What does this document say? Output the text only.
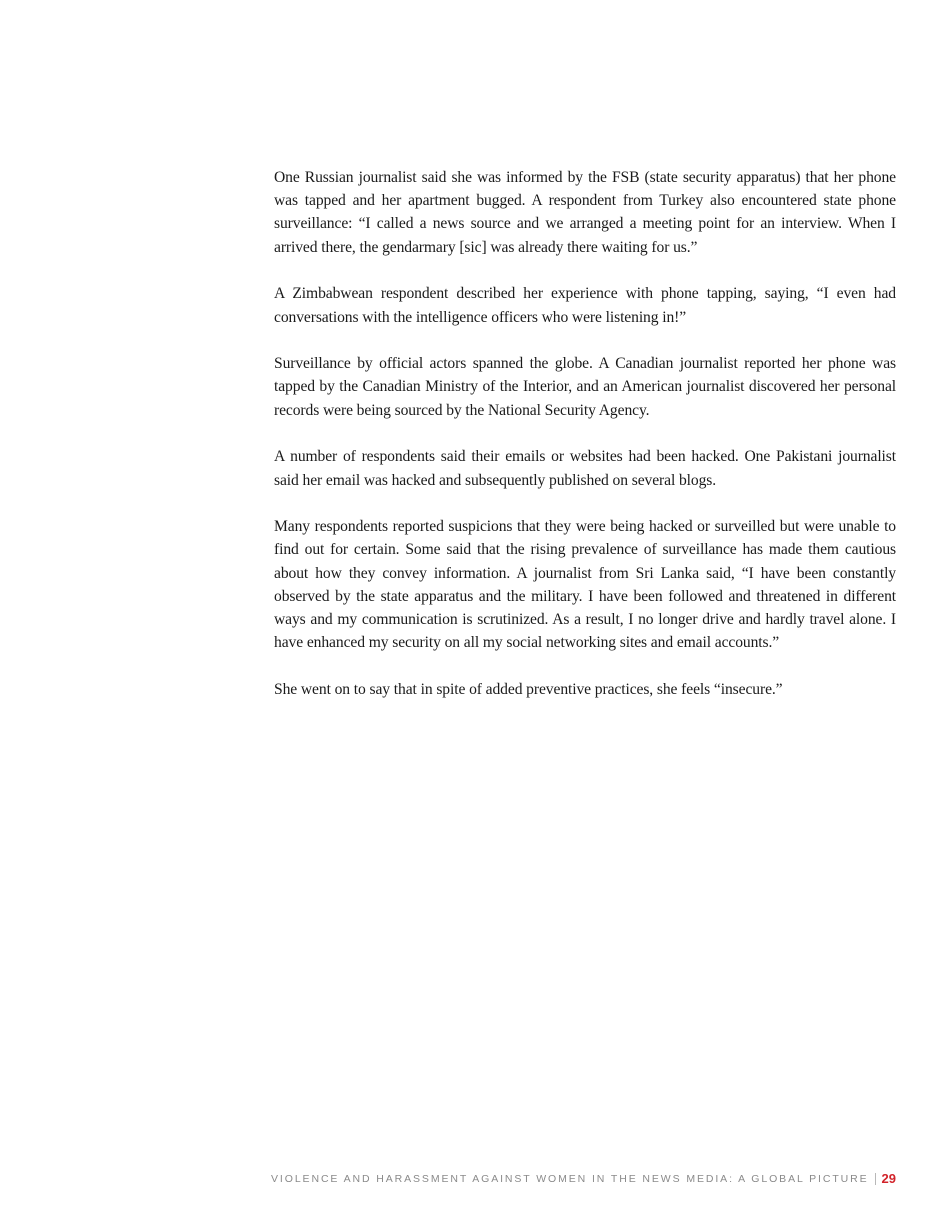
One Russian journalist said she was informed by the FSB (state security apparatus) that her phone was tapped and her apartment bugged. A respondent from Turkey also encountered state phone surveillance: “I called a news source and we arranged a meeting point for an interview. When I arrived there, the gendarmary [sic] was already there waiting for us.”

A Zimbabwean respondent described her experience with phone tapping, saying, “I even had conversations with the intelligence officers who were listening in!”

Surveillance by official actors spanned the globe. A Canadian journalist reported her phone was tapped by the Canadian Ministry of the Interior, and an American journalist discovered her personal records were being sourced by the National Security Agency.

A number of respondents said their emails or websites had been hacked. One Pakistani journalist said her email was hacked and subsequently published on several blogs.

Many respondents reported suspicions that they were being hacked or surveilled but were unable to find out for certain. Some said that the rising prevalence of surveillance has made them cautious about how they convey information. A journalist from Sri Lanka said, “I have been constantly observed by the state apparatus and the military. I have been followed and threatened in different ways and my communication is scrutinized. As a result, I no longer drive and hardly travel alone. I have enhanced my security on all my social networking sites and email accounts.”

She went on to say that in spite of added preventive practices, she feels “insecure.”

VIOLENCE AND HARASSMENT AGAINST WOMEN IN THE NEWS MEDIA: A GLOBAL PICTURE 29
